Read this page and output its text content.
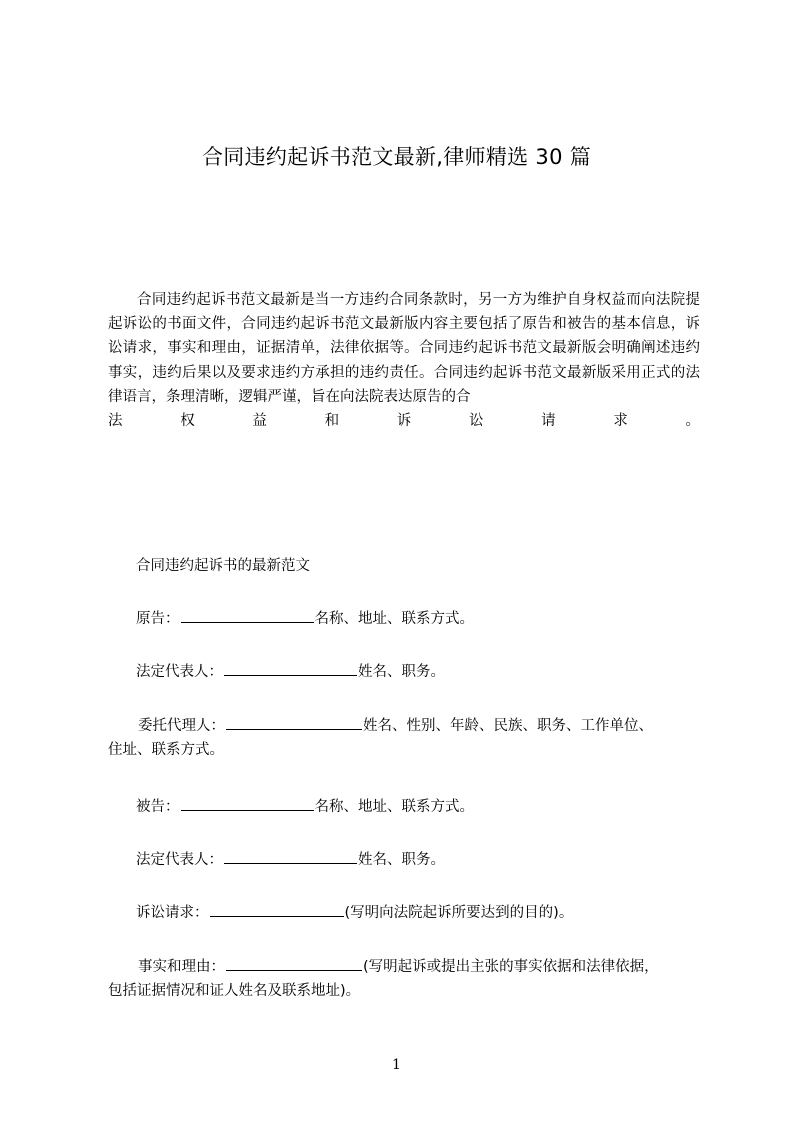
合同违约起诉书范文最新,律师精选 30 篇

合同违约起诉书范文最新是当一方违约合同条款时，另一方为维护自身权益而向法院提起诉讼的书面文件，合同违约起诉书范文最新版内容主要包括了原告和被告的基本信息，诉讼请求，事实和理由，证据清单，法律依据等。合同违约起诉书范文最新版会明确阐述违约事实，违约后果以及要求违约方承担的违约责任。合同违约起诉书范文最新版采用正式的法律语言，条理清晰，逻辑严谨，旨在向法院表达原告的合

法	权	益	和	诉	讼	请	求	。
合同违约起诉书的最新范文
原告：	名称、地址、联系方式。
法定代表人：	姓名、职务。
委托代理人：	姓名、性别、年龄、民族、职务、工作单位、
住址、联系方式。
被告：	名称、地址、联系方式。
法定代表人：	姓名、职务。
诉讼请求：	(写明向法院起诉所要达到的目的)。
事实和理由：	(写明起诉或提出主张的事实依据和法律依据，
包括证据情况和证人姓名及联系地址)。
1
